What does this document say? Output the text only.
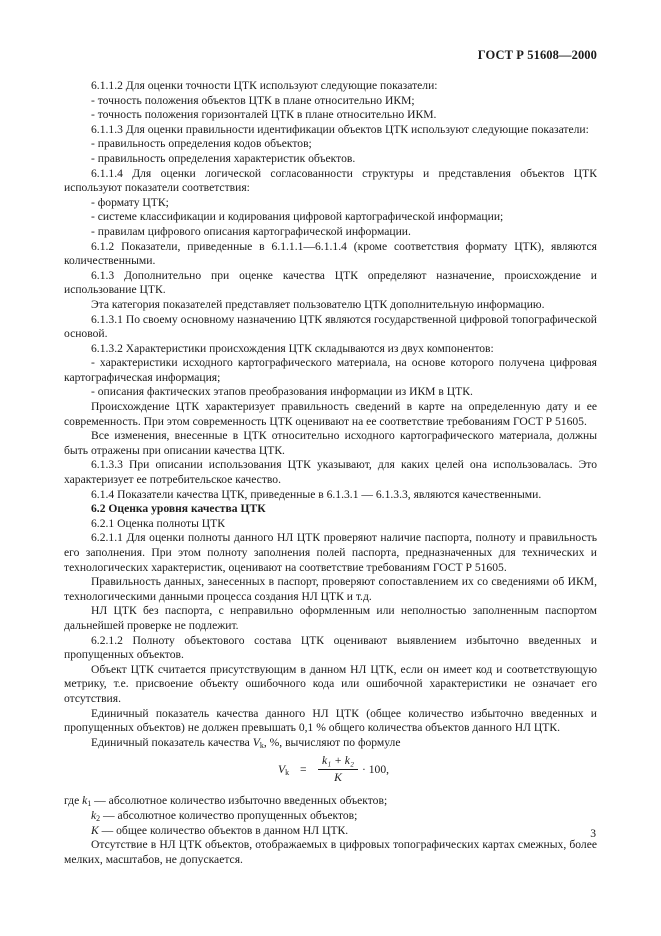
ГОСТ Р 51608—2000

6.1.1.2 Для оценки точности ЦТК используют следующие показатели:

- точность положения объектов ЦТК в плане относительно ИКМ;

- точность положения горизонталей ЦТК в плане относительно ИКМ.

6.1.1.3 Для оценки правильности идентификации объектов ЦТК используют следующие показатели:

- правильность определения кодов объектов;

- правильность определения характеристик объектов.

6.1.1.4 Для оценки логической согласованности структуры и представления объектов ЦТК используют показатели соответствия:

- формату ЦТК;

- системе классификации и кодирования цифровой картографической информации;

- правилам цифрового описания картографической информации.

6.1.2 Показатели, приведенные в 6.1.1.1—6.1.1.4 (кроме соответствия формату ЦТК), являются количественными.

6.1.3 Дополнительно при оценке качества ЦТК определяют назначение, происхождение и использование ЦТК.

Эта категория показателей представляет пользователю ЦТК дополнительную информацию.

6.1.3.1 По своему основному назначению ЦТК являются государственной цифровой топографической основой.

6.1.3.2 Характеристики происхождения ЦТК складываются из двух компонентов:

- характеристики исходного картографического материала, на основе которого получена цифровая картографическая информация;

- описания фактических этапов преобразования информации из ИКМ в ЦТК.

Происхождение ЦТК характеризует правильность сведений в карте на определенную дату и ее современность. При этом современность ЦТК оценивают на ее соответствие требованиям ГОСТ Р 51605.

Все изменения, внесенные в ЦТК относительно исходного картографического материала, должны быть отражены при описании качества ЦТК.

6.1.3.3 При описании использования ЦТК указывают, для каких целей она использовалась. Это характеризует ее потребительское качество.

6.1.4 Показатели качества ЦТК, приведенные в 6.1.3.1 — 6.1.3.3, являются качественными.

6.2 Оценка уровня качества ЦТК

6.2.1 Оценка полноты ЦТК

6.2.1.1 Для оценки полноты данного НЛ ЦТК проверяют наличие паспорта, полноту и правильность его заполнения. При этом полноту заполнения полей паспорта, предназначенных для технических и технологических характеристик, оценивают на соответствие требованиям ГОСТ Р 51605.

Правильность данных, занесенных в паспорт, проверяют сопоставлением их со сведениями об ИКМ, технологическими данными процесса создания НЛ ЦТК и т.д.

НЛ ЦТК без паспорта, с неправильно оформленным или неполностью заполненным паспортом дальнейшей проверке не подлежит.

6.2.1.2 Полноту объектового состава ЦТК оценивают выявлением избыточно введенных и пропущенных объектов.

Объект ЦТК считается присутствующим в данном НЛ ЦТК, если он имеет код и соответствующую метрику, т.е. присвоение объекту ошибочного кода или ошибочной характеристики не означает его отсутствия.

Единичный показатель качества данного НЛ ЦТК (общее количество избыточно введенных и пропущенных объектов) не должен превышать 0,1 % общего количества объектов данного НЛ ЦТК.

Единичный показатель качества $V_k$, %, вычисляют по формуле

$V_k = \frac{\text{k₁ + k₂}}{K} \cdot 100$,

где $k_1$ — абсолютное количество избыточно введенных объектов;

$k_2$ — абсолютное количество пропущенных объектов;

K — общее количество объектов в данном НЛ ЦТК.

Отсутствие в НЛ ЦТК объектов, отображаемых в цифровых топографических картах смежных, более мелких, масштабов, не допускается.

3
